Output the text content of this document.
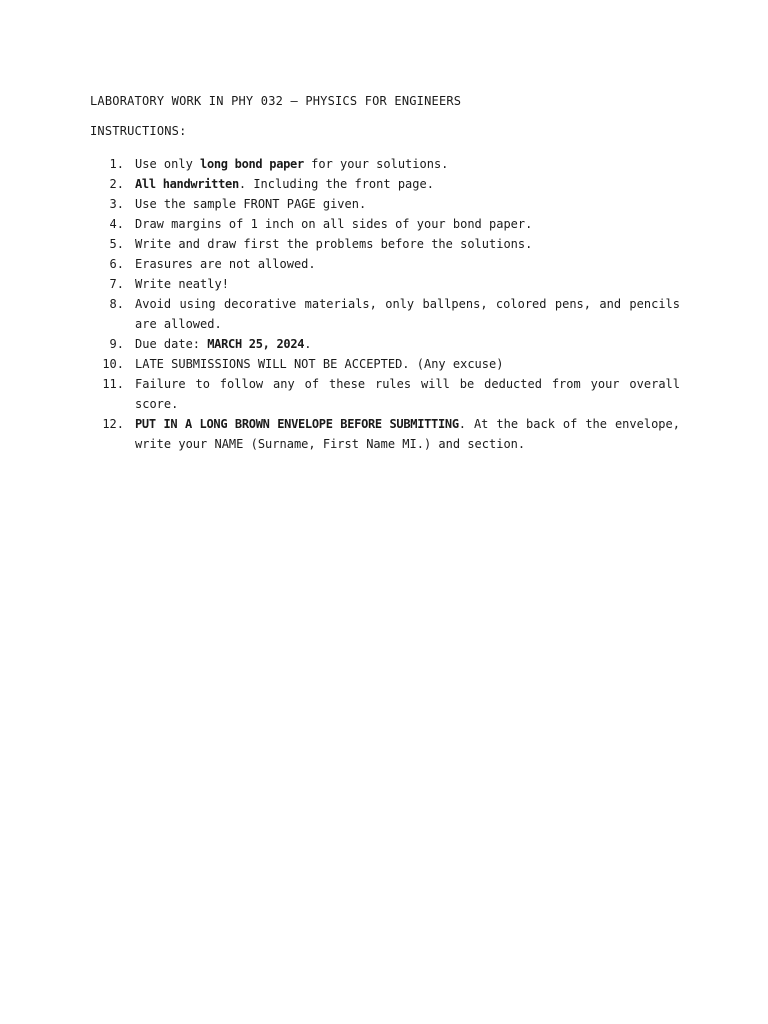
LABORATORY WORK IN PHY 032 – PHYSICS FOR ENGINEERS
INSTRUCTIONS:
1. Use only long bond paper for your solutions.
2. All handwritten. Including the front page.
3. Use the sample FRONT PAGE given.
4. Draw margins of 1 inch on all sides of your bond paper.
5. Write and draw first the problems before the solutions.
6. Erasures are not allowed.
7. Write neatly!
8. Avoid using decorative materials, only ballpens, colored pens, and pencils are allowed.
9. Due date: MARCH 25, 2024.
10. LATE SUBMISSIONS WILL NOT BE ACCEPTED. (Any excuse)
11. Failure to follow any of these rules will be deducted from your overall score.
12. PUT IN A LONG BROWN ENVELOPE BEFORE SUBMITTING. At the back of the envelope, write your NAME (Surname, First Name MI.) and section.
